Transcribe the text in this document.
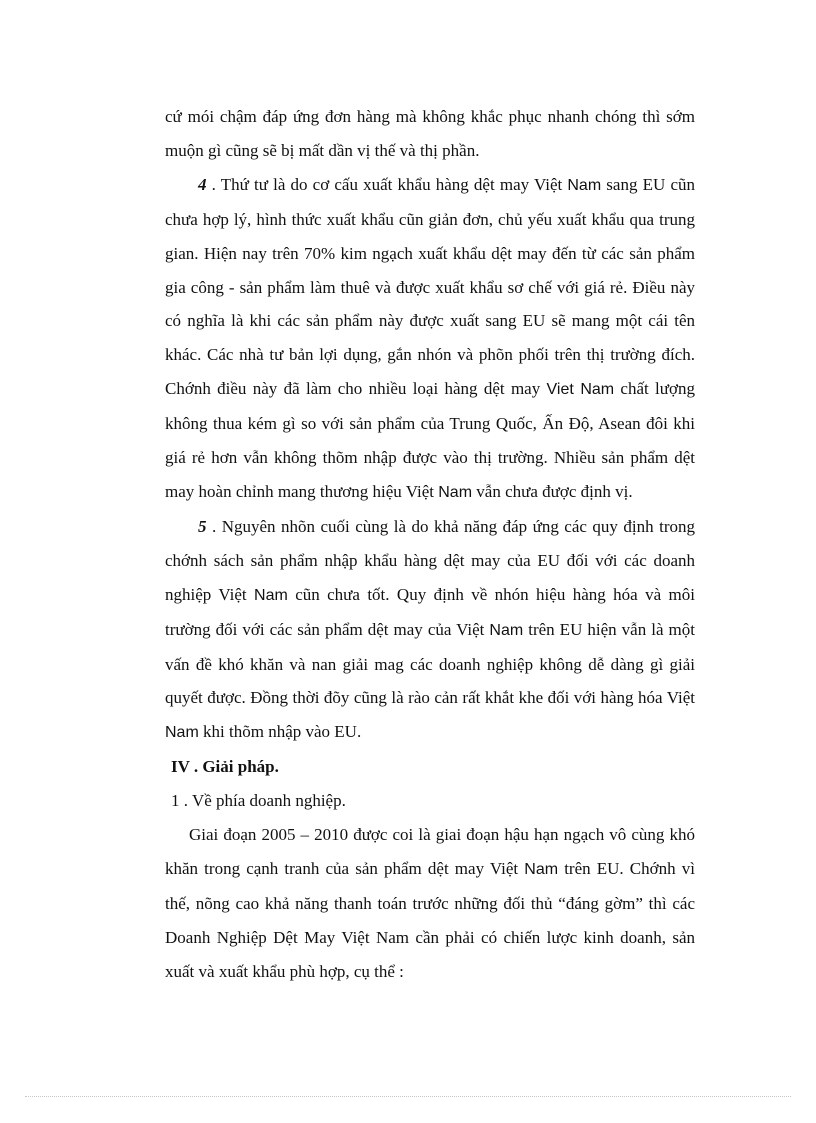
cứ mói chậm đáp ứng đơn hàng mà không khắc phục nhanh chóng thì sớm muộn gì cũng sẽ bị mất dần vị thế và thị phần.

4 . Thứ tư là do cơ cấu xuất khẩu hàng dệt may Việt Nam sang EU cũn chưa hợp lý, hình thức xuất khẩu cũn giản đơn, chủ yếu xuất khẩu qua trung gian. Hiện nay trên 70% kim ngạch xuất khẩu dệt may đến từ các sản phẩm gia công - sản phẩm làm thuê và được xuất khẩu sơ chế với giá rẻ. Điều này có nghĩa là khi các sản phẩm này được xuất sang EU sẽ mang một cái tên khác. Các nhà tư bản lợi dụng, gắn nhón và phõn phối trên thị trường đích. Chớnh điều này đã làm cho nhiều loại hàng dệt may Viet Nam chất lượng không thua kém gì so với sản phẩm của Trung Quốc, Ấn Độ, Asean đôi khi giá rẻ hơn vẫn không thõm nhập được vào thị trường. Nhiều sản phẩm dệt may hoàn chỉnh mang thương hiệu Việt Nam vẫn chưa được định vị.

5 . Nguyên nhõn cuối cùng là do khả năng đáp ứng các quy định trong chớnh sách sản phẩm nhập khẩu hàng dệt may của EU đối với các doanh nghiệp Việt Nam cũn chưa tốt. Quy định về nhón hiệu hàng hóa và môi trường đối với các sản phẩm dệt may của Việt Nam trên EU hiện vẫn là một vấn đề khó khăn và nan giải mag các doanh nghiệp không dễ dàng gì giải quyết được. Đồng thời đõy cũng là rào cản rất khắt khe đối với hàng hóa Việt Nam khi thõm nhập vào EU.

IV . Giải pháp.

1 . Về phía doanh nghiệp.

Giai đoạn 2005 – 2010 được coi là giai đoạn hậu hạn ngạch vô cùng khó khăn trong cạnh tranh của sản phẩm dệt may Việt Nam trên EU. Chớnh vì thế, nõng cao khả năng thanh toán trước những đối thủ “đáng gờm” thì các Doanh Nghiệp Dệt May Việt Nam cần phải có chiến lược kinh doanh, sản xuất và xuất khẩu phù hợp, cụ thể :
